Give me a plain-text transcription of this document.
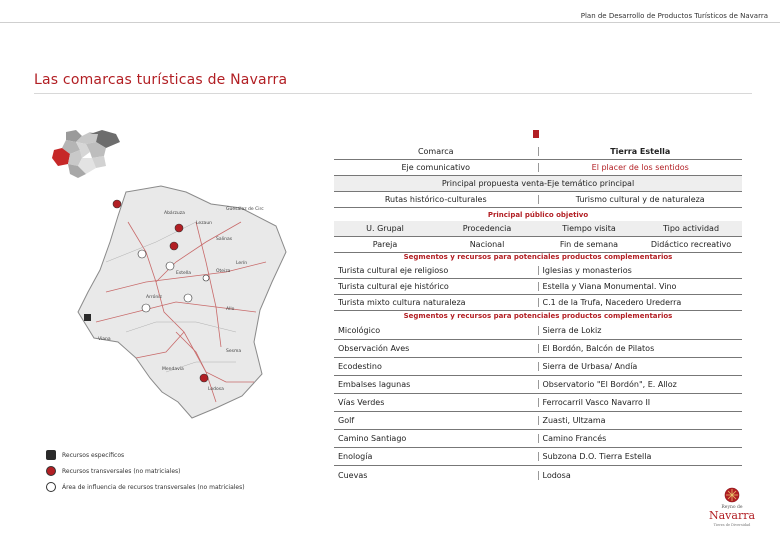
Plan de Desarrollo de Productos Turísticos de Navarra
Las comarcas turísticas de Navarra
Abárzuza
Guesálaz de Circ
Lezaun
Salinas
Lerín
Oteiza
Estella
Viana
Lodosa
Sesma
Allo
Arróniz
Mendavia
Comarca	Tierra Estella
Eje comunicativo	El placer de los sentidos
Principal propuesta venta-Eje temático principal
Rutas histórico-culturales	Turismo cultural y de naturaleza
Principal público objetivo
U. Grupal	Procedencia	Tiempo visita	Tipo actividad
Pareja	Nacional	Fin de semana	Didáctico recreativo
Segmentos y recursos para potenciales productos complementarios
Turista cultural eje religioso	Iglesias y monasterios
Turista cultural eje histórico	Estella y Viana Monumental. Vino
Turista mixto cultura naturaleza	C.1 de la Trufa, Nacedero Urederra
Segmentos y recursos para potenciales productos complementarios
Micológico	Sierra de Lokiz
Observación Aves	El Bordón, Balcón de Pilatos
Ecodestino	Sierra de Urbasa/ Andía
Embalses lagunas	Observatorio "El Bordón", E. Alloz
Vías Verdes	Ferrocarril Vasco Navarro II
Golf	Zuasti, Ultzama
Camino Santiago	Camino Francés
Enología	Subzona D.O. Tierra Estella
Cuevas	Lodosa
Recursos específicos
Recursos transversales (no matriciales)
Área de influencia de recursos transversales (no matriciales)
Reyno de
Navarra
Tierra de Diversidad
